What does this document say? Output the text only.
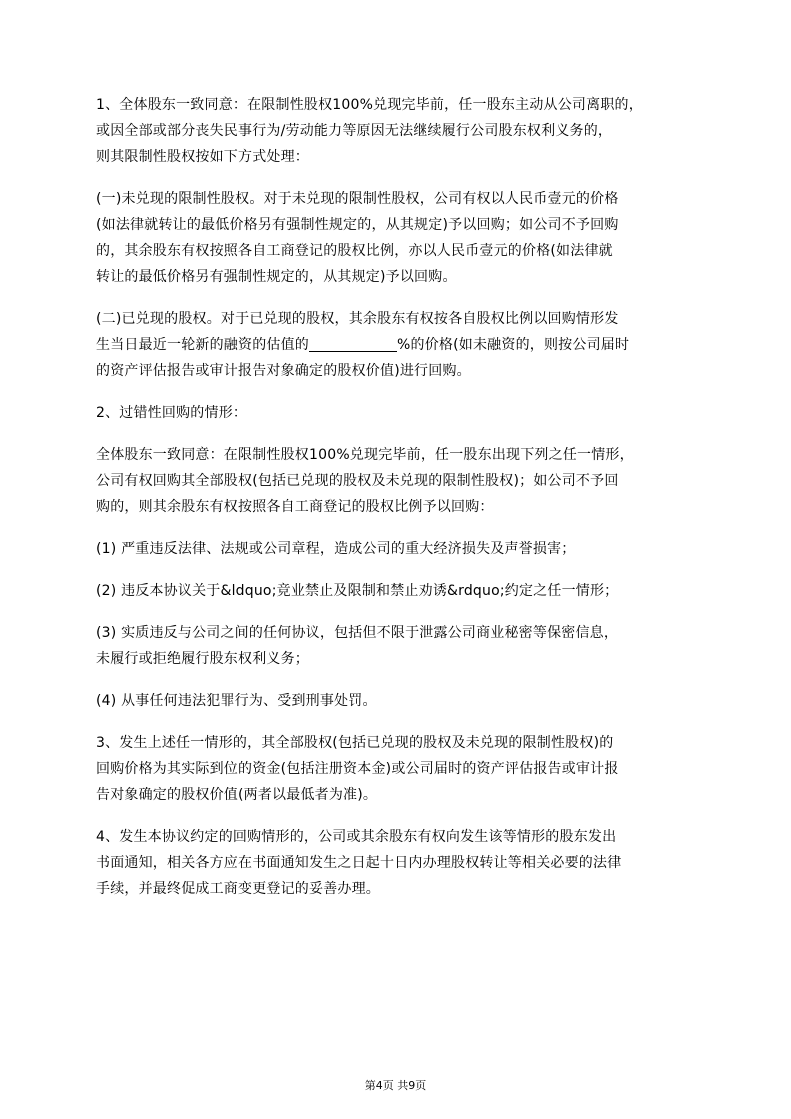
1、全体股东一致同意：在限制性股权100%兑现完毕前，任一股东主动从公司离职的，
或因全部或部分丧失民事行为/劳动能力等原因无法继续履行公司股东权利义务的，
则其限制性股权按如下方式处理：

(一)未兑现的限制性股权。对于未兑现的限制性股权，公司有权以人民币壹元的价格
(如法律就转让的最低价格另有强制性规定的，从其规定)予以回购；如公司不予回购
的，其余股东有权按照各自工商登记的股权比例，亦以人民币壹元的价格(如法律就
转让的最低价格另有强制性规定的，从其规定)予以回购。

(二)已兑现的股权。对于已兑现的股权，其余股东有权按各自股权比例以回购情形发
生当日最近一轮新的融资的估值的	%的价格(如未融资的，则按公司届时
的资产评估报告或审计报告对象确定的股权价值)进行回购。

2、过错性回购的情形：

全体股东一致同意：在限制性股权100%兑现完毕前，任一股东出现下列之任一情形，
公司有权回购其全部股权(包括已兑现的股权及未兑现的限制性股权)；如公司不予回
购的，则其余股东有权按照各自工商登记的股权比例予以回购：

(1) 严重违反法律、法规或公司章程，造成公司的重大经济损失及声誉损害；

(2) 违反本协议关于&ldquo;竞业禁止及限制和禁止劝诱&rdquo;约定之任一情形；

(3) 实质违反与公司之间的任何协议，包括但不限于泄露公司商业秘密等保密信息，
未履行或拒绝履行股东权利义务；

(4) 从事任何违法犯罪行为、受到刑事处罚。

3、发生上述任一情形的，其全部股权(包括已兑现的股权及未兑现的限制性股权)的
回购价格为其实际到位的资金(包括注册资本金)或公司届时的资产评估报告或审计报
告对象确定的股权价值(两者以最低者为准)。

4、发生本协议约定的回购情形的，公司或其余股东有权向发生该等情形的股东发出
书面通知，相关各方应在书面通知发生之日起十日内办理股权转让等相关必要的法律
手续，并最终促成工商变更登记的妥善办理。

第4页 共9页
